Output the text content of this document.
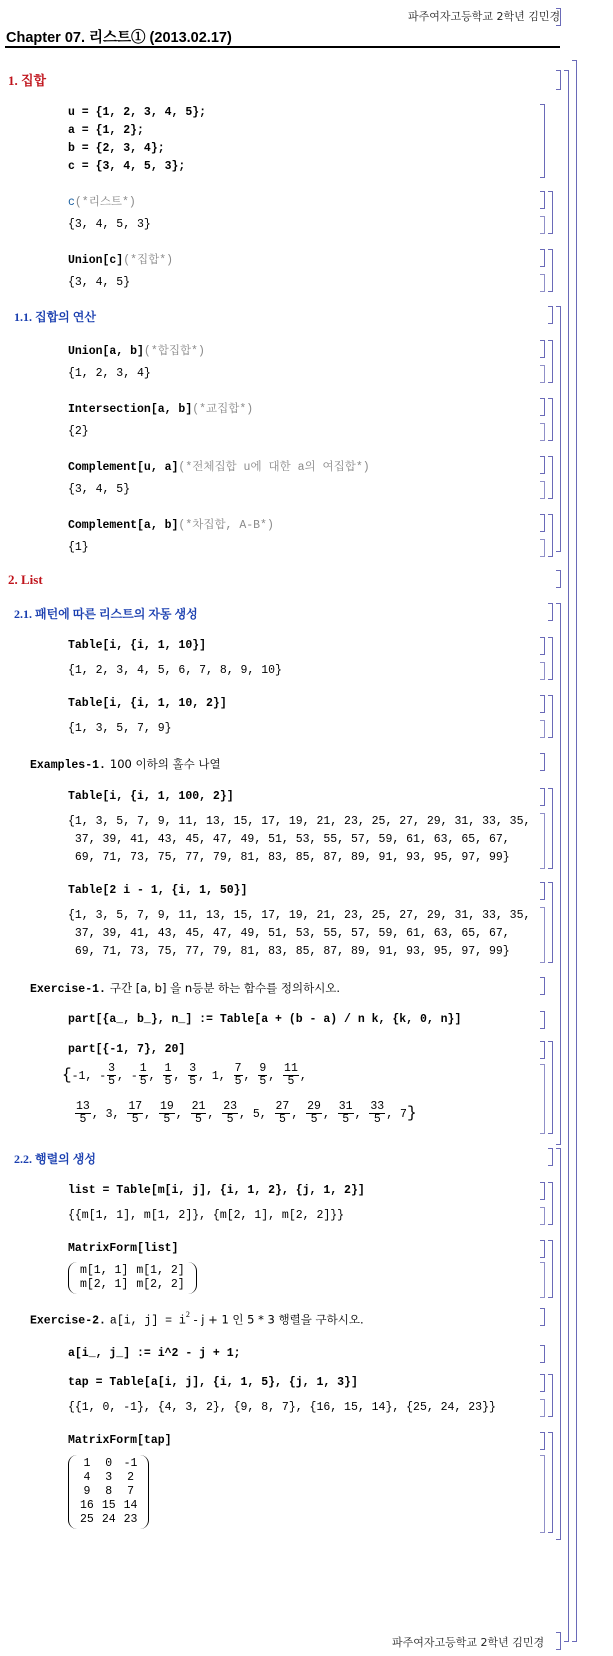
파주여자고등학교 2학년 김민경
Chapter 07. 리스트① (2013.02.17)
1. 집합
u = {1, 2, 3, 4, 5};
a = {1, 2};
b = {2, 3, 4};
c = {3, 4, 5, 3};
c(*리스트*)
{3, 4, 5, 3}
Union[c](*집합*)
{3, 4, 5}
1.1. 집합의 연산
Union[a, b](*합집합*)
{1, 2, 3, 4}
Intersection[a, b](*교집합*)
{2}
Complement[u, a](*전체집합 u에 대한 a의 여집합*)
{3, 4, 5}
Complement[a, b](*차집합, A-B*)
{1}
2. List
2.1. 패턴에 따른 리스트의 자동 생성
Table[i, {i, 1, 10}]
{1, 2, 3, 4, 5, 6, 7, 8, 9, 10}
Table[i, {i, 1, 10, 2}]
{1, 3, 5, 7, 9}
Examples-1. 100 이하의 홀수 나열
Table[i, {i, 1, 100, 2}]
{1, 3, 5, 7, 9, 11, 13, 15, 17, 19, 21, 23, 25, 27, 29, 31, 33, 35,
37, 39, 41, 43, 45, 47, 49, 51, 53, 55, 57, 59, 61, 63, 65, 67,
69, 71, 73, 75, 77, 79, 81, 83, 85, 87, 89, 91, 93, 95, 97, 99}
Table[2 i - 1, {i, 1, 50}]
{1, 3, 5, 7, 9, 11, 13, 15, 17, 19, 21, 23, 25, 27, 29, 31, 33, 35,
37, 39, 41, 43, 45, 47, 49, 51, 53, 55, 57, 59, 61, 63, 65, 67,
69, 71, 73, 75, 77, 79, 81, 83, 85, 87, 89, 91, 93, 95, 97, 99}
Exercise-1. 구간 [a, b] 을 n등분 하는 함수를 정의하시오.
part[{a_, b_}, n_] := Table[a + (b - a) / n k, {k, 0, n}]
part[{-1, 7}, 20]
{-1, - $\frac{3}{5}$ , - $\frac{1}{5}$ , $\frac{1}{5}$ , $\frac{3}{5}$ , 1, $\frac{7}{5}$ , $\frac{9}{5}$ , $\frac{11}{5}$ ,
$\frac{13}{5}$ , 3, $\frac{17}{5}$ , $\frac{19}{5}$ , $\frac{21}{5}$ , $\frac{23}{5}$ , 5, $\frac{27}{5}$ , $\frac{29}{5}$ , $\frac{31}{5}$ , $\frac{33}{5}$ , 7}
2.2. 행렬의 생성
list = Table[m[i, j], {i, 1, 2}, {j, 1, 2}]
{{m[1, 1], m[1, 2]}, {m[2, 1], m[2, 2]}}
MatrixForm[list]
m[1, 1]	m[1, 2]
m[2, 1]	m[2, 2]
Exercise-2. a[i, $j] = i^2 - j + 1$ 인 5 * 3 행렬을 구하시오.
a[i_, j_] := i^2 - j + 1;
tap = Table[a[i, j], {i, 1, 5}, {j, 1, 3}]
{{1, 0, -1}, {4, 3, 2}, {9, 8, 7}, {16, 15, 14}, {25, 24, 23}}
MatrixForm[tap]
1	0	-1
4	3	2
9	8	7
16	15	14
25	24	23
파주여자고등학교 2학년 김민경
